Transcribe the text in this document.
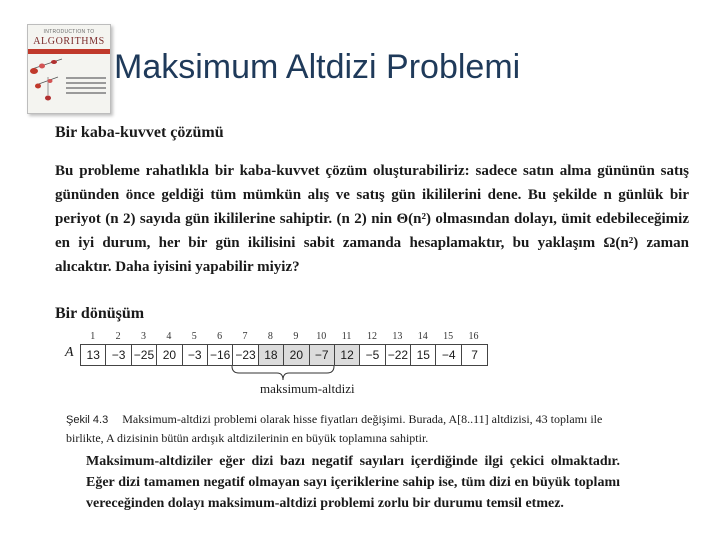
INTRODUCTION TO
ALGORITHMS
Maksimum Altdizi Problemi
Bir kaba-kuvvet çözümü

Bu probleme rahatlıkla bir kaba-kuvvet çözüm oluşturabiliriz: sadece satın alma gününün satış gününden önce geldiği tüm mümkün alış ve satış gün ikililerini dene. Bu şekilde n günlük bir periyot (n 2) sayıda gün ikililerine sahiptir. (n 2) nin Θ(n²) olmasından dolayı, ümit edebileceğimiz en iyi durum, her bir gün ikilisini sabit zamanda hesaplamaktır, bu yaklaşım Ω(n²) zaman alıcaktır. Daha iyisini yapabilir miyiz?

Bir dönüşüm
1	2	3	4	5	6	7	8	9	10	11	12	13	14	15	16
A	13 −3 −25 20 −3 −16 −23 18	20 −7 12 −5 −22 15 −4	7
maksimum-altdizi

Şekil 4.3 Maksimum-altdizi problemi olarak hisse fiyatları değişimi. Burada, A[8..11] altdizisi, 43 toplamı ile birlikte, A dizisinin bütün ardışık altdizilerinin en büyük toplamına sahiptir.

Maksimum-altdiziler eğer dizi bazı negatif sayıları içerdiğinde ilgi çekici olmaktadır. Eğer dizi tamamen negatif olmayan sayı içeriklerine sahip ise, tüm dizi en büyük toplamı vereceğinden dolayı maksimum-altdizi problemi zorlu bir durumu temsil etmez.
